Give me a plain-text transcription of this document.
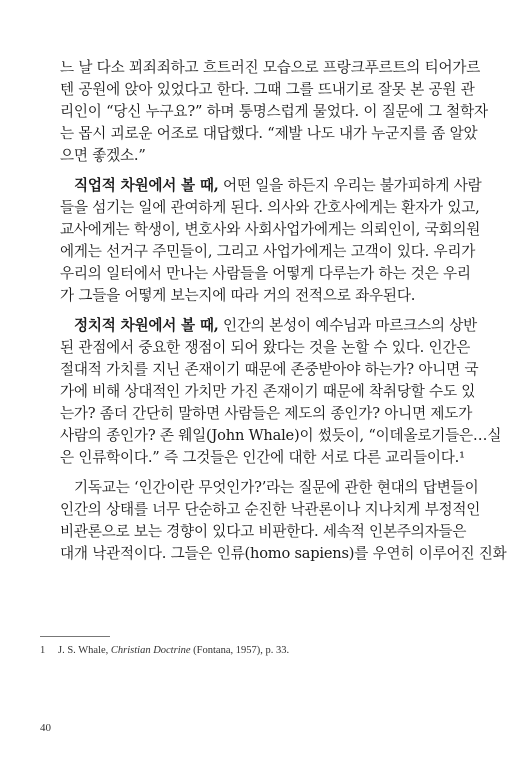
느 날 다소 꾀죄죄하고 흐트러진 모습으로 프랑크푸르트의 티어가르
텐 공원에 앉아 있었다고 한다. 그때 그를 뜨내기로 잘못 본 공원 관
리인이 “당신 누구요?” 하며 퉁명스럽게 물었다. 이 질문에 그 철학자
는 몹시 괴로운 어조로 대답했다. “제발 나도 내가 누군지를 좀 알았
으면 좋겠소.”
직업적 차원에서 볼 때, 어떤 일을 하든지 우리는 불가피하게 사람
들을 섬기는 일에 관여하게 된다. 의사와 간호사에게는 환자가 있고,
교사에게는 학생이, 변호사와 사회사업가에게는 의뢰인이, 국회의원
에게는 선거구 주민들이, 그리고 사업가에게는 고객이 있다. 우리가
우리의 일터에서 만나는 사람들을 어떻게 다루는가 하는 것은 우리
가 그들을 어떻게 보는지에 따라 거의 전적으로 좌우된다.
정치적 차원에서 볼 때, 인간의 본성이 예수님과 마르크스의 상반
된 관점에서 중요한 쟁점이 되어 왔다는 것을 논할 수 있다. 인간은
절대적 가치를 지닌 존재이기 때문에 존중받아야 하는가? 아니면 국
가에 비해 상대적인 가치만 가진 존재이기 때문에 착취당할 수도 있
는가? 좀더 간단히 말하면 사람들은 제도의 종인가? 아니면 제도가
사람의 종인가? 존 웨일(John Whale)이 썼듯이, “이데올로기들은…실
은 인류학이다.” 즉 그것들은 인간에 대한 서로 다른 교리들이다.¹
기독교는 ‘인간이란 무엇인가?’라는 질문에 관한 현대의 답변들이
인간의 상태를 너무 단순하고 순진한 낙관론이나 지나치게 부정적인
비관론으로 보는 경향이 있다고 비판한다. 세속적 인본주의자들은
대개 낙관적이다. 그들은 인류(homo sapiens)를 우연히 이루어진 진화
1 J. S. Whale, Christian Doctrine (Fontana, 1957), p. 33.
40
